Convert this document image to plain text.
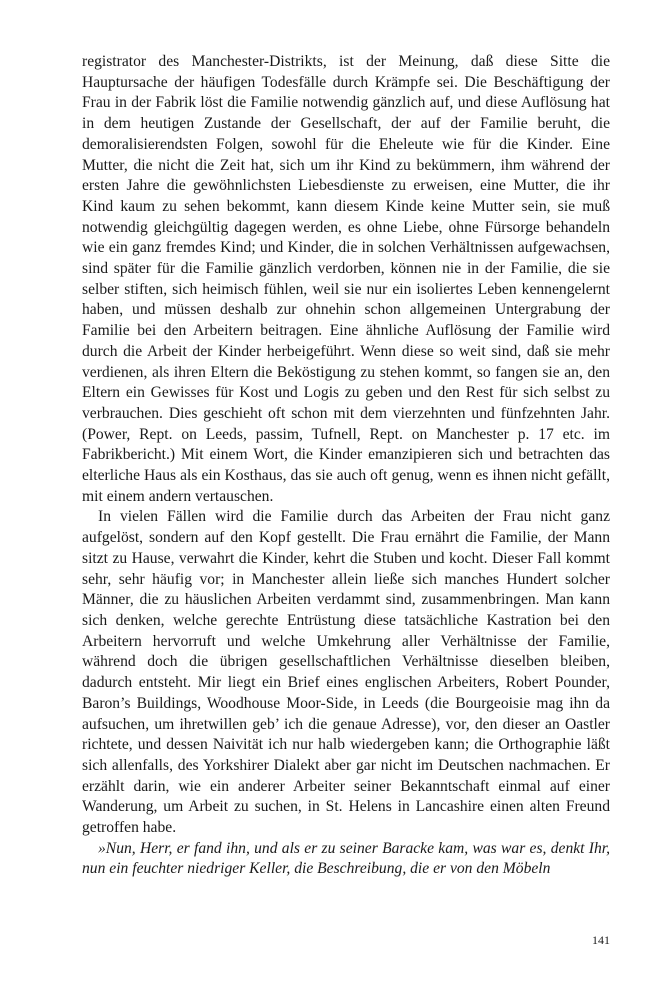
registrator des Manchester-Distrikts, ist der Meinung, daß diese Sitte die Hauptursache der häufigen Todesfälle durch Krämpfe sei. Die Beschäftigung der Frau in der Fabrik löst die Familie notwendig gänzlich auf, und diese Auflösung hat in dem heutigen Zustande der Gesellschaft, der auf der Familie beruht, die demoralisierendsten Folgen, sowohl für die Eheleute wie für die Kinder. Eine Mutter, die nicht die Zeit hat, sich um ihr Kind zu bekümmern, ihm während der ersten Jahre die gewöhnlichsten Liebesdienste zu erweisen, eine Mutter, die ihr Kind kaum zu sehen bekommt, kann diesem Kinde keine Mutter sein, sie muß notwendig gleichgültig dagegen werden, es ohne Liebe, ohne Fürsorge behandeln wie ein ganz fremdes Kind; und Kinder, die in solchen Verhältnissen aufgewachsen, sind später für die Familie gänzlich verdorben, können nie in der Familie, die sie selber stiften, sich heimisch fühlen, weil sie nur ein isoliertes Leben kennengelernt haben, und müssen deshalb zur ohnehin schon allgemeinen Untergrabung der Familie bei den Arbeitern beitragen. Eine ähnliche Auflösung der Familie wird durch die Arbeit der Kinder herbeigeführt. Wenn diese so weit sind, daß sie mehr verdienen, als ihren Eltern die Beköstigung zu stehen kommt, so fangen sie an, den Eltern ein Gewisses für Kost und Logis zu geben und den Rest für sich selbst zu verbrauchen. Dies geschieht oft schon mit dem vierzehnten und fünfzehnten Jahr. (Power, Rept. on Leeds, passim, Tufnell, Rept. on Manchester p. 17 etc. im Fabrikbericht.) Mit einem Wort, die Kinder emanzipieren sich und betrachten das elterliche Haus als ein Kosthaus, das sie auch oft genug, wenn es ihnen nicht gefällt, mit einem andern vertauschen.

In vielen Fällen wird die Familie durch das Arbeiten der Frau nicht ganz aufgelöst, sondern auf den Kopf gestellt. Die Frau ernährt die Familie, der Mann sitzt zu Hause, verwahrt die Kinder, kehrt die Stuben und kocht. Dieser Fall kommt sehr, sehr häufig vor; in Manchester allein ließe sich manches Hundert solcher Männer, die zu häuslichen Arbeiten verdammt sind, zusammenbringen. Man kann sich denken, welche gerechte Entrüstung diese tatsächliche Kastration bei den Arbeitern hervorruft und welche Umkehrung aller Verhältnisse der Familie, während doch die übrigen gesellschaftlichen Verhältnisse dieselben bleiben, dadurch entsteht. Mir liegt ein Brief eines englischen Arbeiters, Robert Pounder, Baron’s Buildings, Woodhouse Moor-Side, in Leeds (die Bourgeoisie mag ihn da aufsuchen, um ihretwillen geb’ ich die genaue Adresse), vor, den dieser an Oastler richtete, und dessen Naivität ich nur halb wiedergeben kann; die Orthographie läßt sich allenfalls, des Yorkshirer Dialekt aber gar nicht im Deutschen nachmachen. Er erzählt darin, wie ein anderer Arbeiter seiner Bekanntschaft einmal auf einer Wanderung, um Arbeit zu suchen, in St. Helens in Lancashire einen alten Freund getroffen habe.

»Nun, Herr, er fand ihn, und als er zu seiner Baracke kam, was war es, denkt Ihr, nun ein feuchter niedriger Keller, die Beschreibung, die er von den Möbeln

141
